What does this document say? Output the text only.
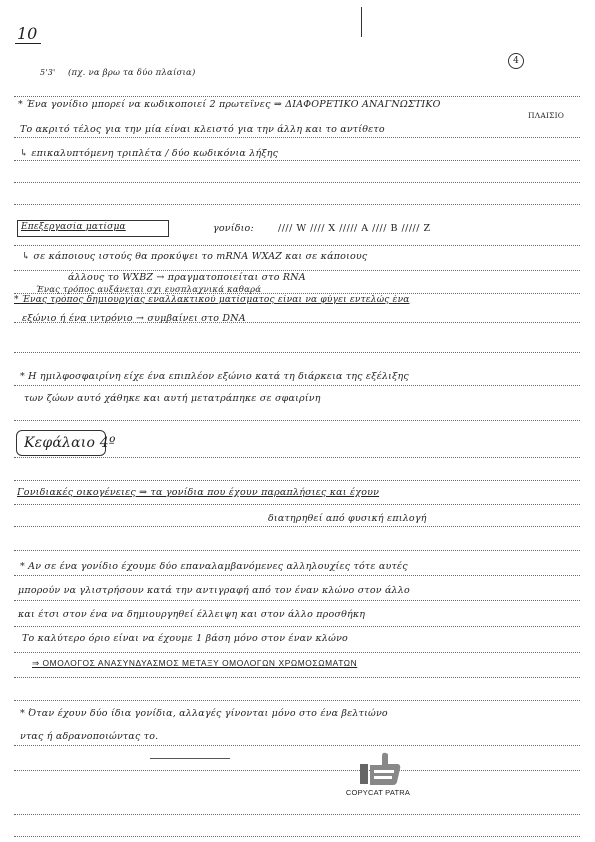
10
4
5'3' (πχ. να βρω τα δύο πλαίσια)
* Ένα γονίδιο μπορεί να κωδικοποιεί 2 πρωτεΐνες ⇒ ΔΙΑΦΟΡΕΤΙΚΟ ΑΝΑΓΝΩΣΤΙΚΟ
ΠΛΑΙΣΙΟ
Το ακριτό τέλος για την μία είναι κλειστό για την άλλη και το αντίθετο
↳ επικαλυπτόμενη τριπλέτα / δύο κωδικόνια λήξης
Επεξεργασία ματίσμα	γονίδιο:	//// W //// X ///// A //// B ///// Z
↳ σε κάποιους ιστούς θα προκύψει το mRNA WXAZ και σε κάποιους
άλλους το WXBZ → πραγματοποιείται στο RNA
Ένας τρόπος αυξάνεται σχι ευσπλαχνικά καθαρά
* Ένας τρόπος δημιουργίας εναλλακτικού ματίσματος είναι να φύγει εντελώς ένα
εξώνιο ή ένα ιντρόνιο → συμβαίνει στο DNA
* Η ημιλφοσφαιρίνη είχε ένα επιπλέον εξώνιο κατά τη διάρκεια της εξέλιξης
των ζώων αυτό χάθηκε και αυτή μετατράπηκε σε σφαιρίνη
Κεφάλαιο 4º
Γονιδιακές οικογένειες ⇒ τα γονίδια που έχουν παραπλήσιες και έχουν
διατηρηθεί από φυσική επιλογή
* Αν σε ένα γονίδιο έχουμε δύο επαναλαμβανόμενες αλληλουχίες τότε αυτές
μπορούν να γλιστρήσουν κατά την αντιγραφή από τον έναν κλώνο στον άλλο
και έτσι στον ένα να δημιουργηθεί έλλειψη και στον άλλο προσθήκη
Το καλύτερο όριο είναι να έχουμε 1 βάση μόνο στον έναν κλώνο
⇒ ΟΜΟΛΟΓΟΣ ΑΝΑΣΥΝΔΥΑΣΜΟΣ ΜΕΤΑΞΥ ΟΜΟΛΟΓΩΝ ΧΡΩΜΟΣΩΜΑΤΩΝ
* Όταν έχουν δύο ίδια γονίδια, αλλαγές γίνονται μόνο στο ένα βελτιώνο
ντας ή αδρανοποιώντας το.
COPYCAT PATRA
